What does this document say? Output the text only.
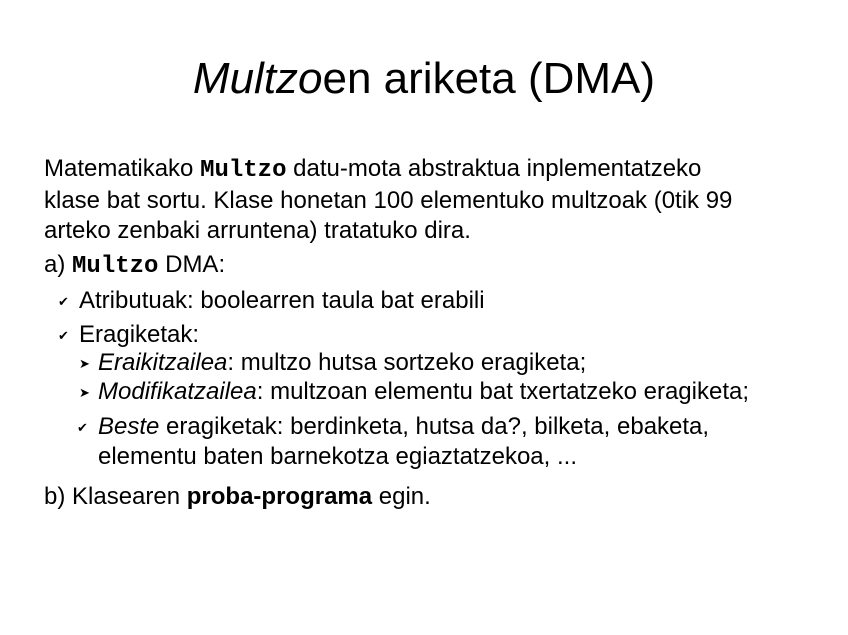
Multzoen ariketa (DMA)
Matematikako Multzo datu-mota abstraktua inplementatzeko
klase bat sortu. Klase honetan 100 elementuko multzoak (0tik 99
arteko zenbaki arruntena) tratatuko dira.
a) Multzo DMA:
✔ Atributuak: boolearren taula bat erabili
✔ Eragiketak:
➤ Eraikitzailea: multzo hutsa sortzeko eragiketa;
➤ Modifikatzailea: multzoan elementu bat txertatzeko eragiketa;
✔ Beste eragiketak: berdinketa, hutsa da?, bilketa, ebaketa,
elementu baten barnekotza egiaztatzekoa, ...
b) Klasearen proba-programa egin.
